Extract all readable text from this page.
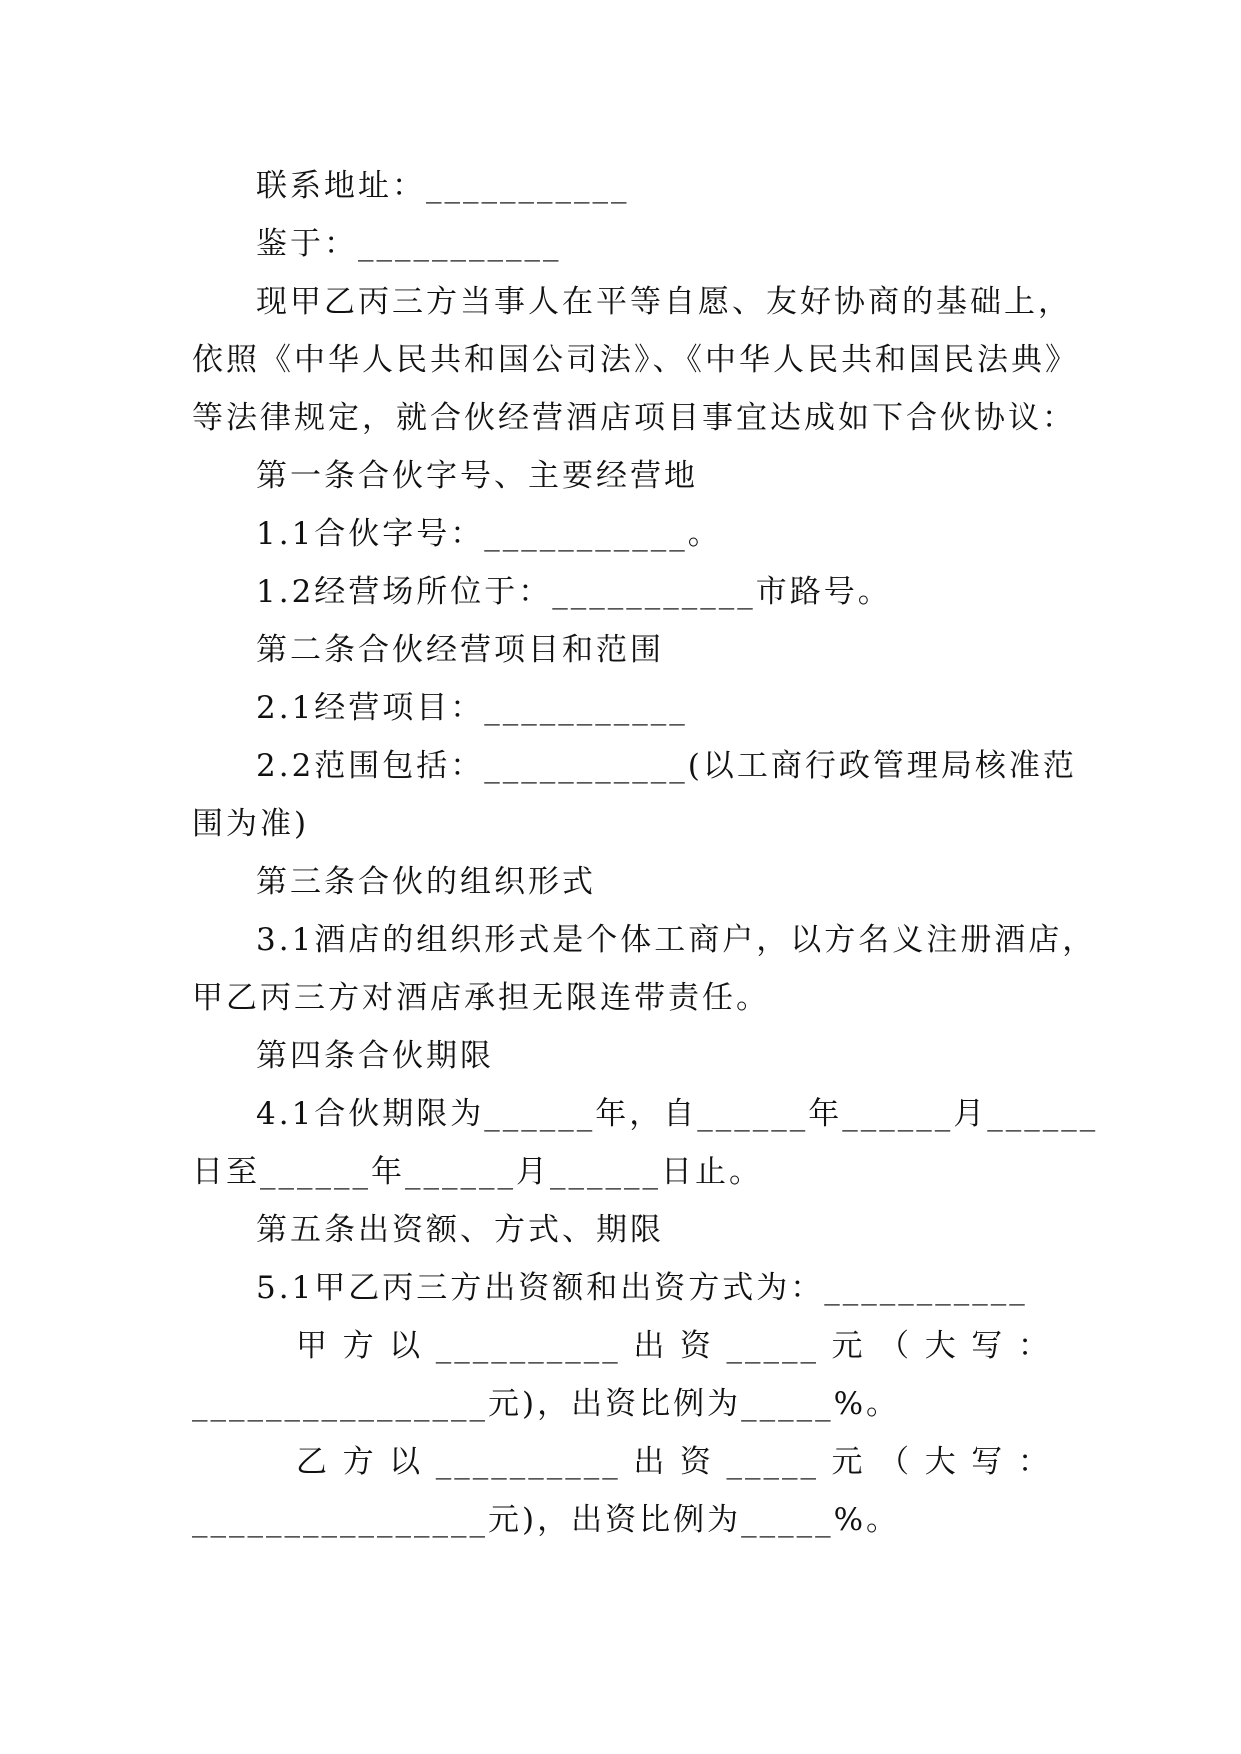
联系地址：___________
鉴于：___________
现甲乙丙三方当事人在平等自愿、友好协商的基础上，
依照《中华人民共和国公司法》、《中华人民共和国民法典》
等法律规定，就合伙经营酒店项目事宜达成如下合伙协议：
第一条合伙字号、主要经营地
1.1合伙字号：___________。
1.2经营场所位于：___________市路号。
第二条合伙经营项目和范围
2.1经营项目：___________
2.2范围包括：___________(以工商行政管理局核准范
围为准)
第三条合伙的组织形式
3.1酒店的组织形式是个体工商户，以方名义注册酒店，
甲乙丙三方对酒店承担无限连带责任。
第四条合伙期限
4.1合伙期限为______年，自______年______月______
日至______年______月______日止。
第五条出资额、方式、期限
5.1甲乙丙三方出资额和出资方式为：___________
甲 方 以 __________ 出 资 _____ 元 （ 大 写 ：
________________元)，出资比例为_____%。
乙 方 以 __________ 出 资 _____ 元 （ 大 写 ：
________________元)，出资比例为_____%。
